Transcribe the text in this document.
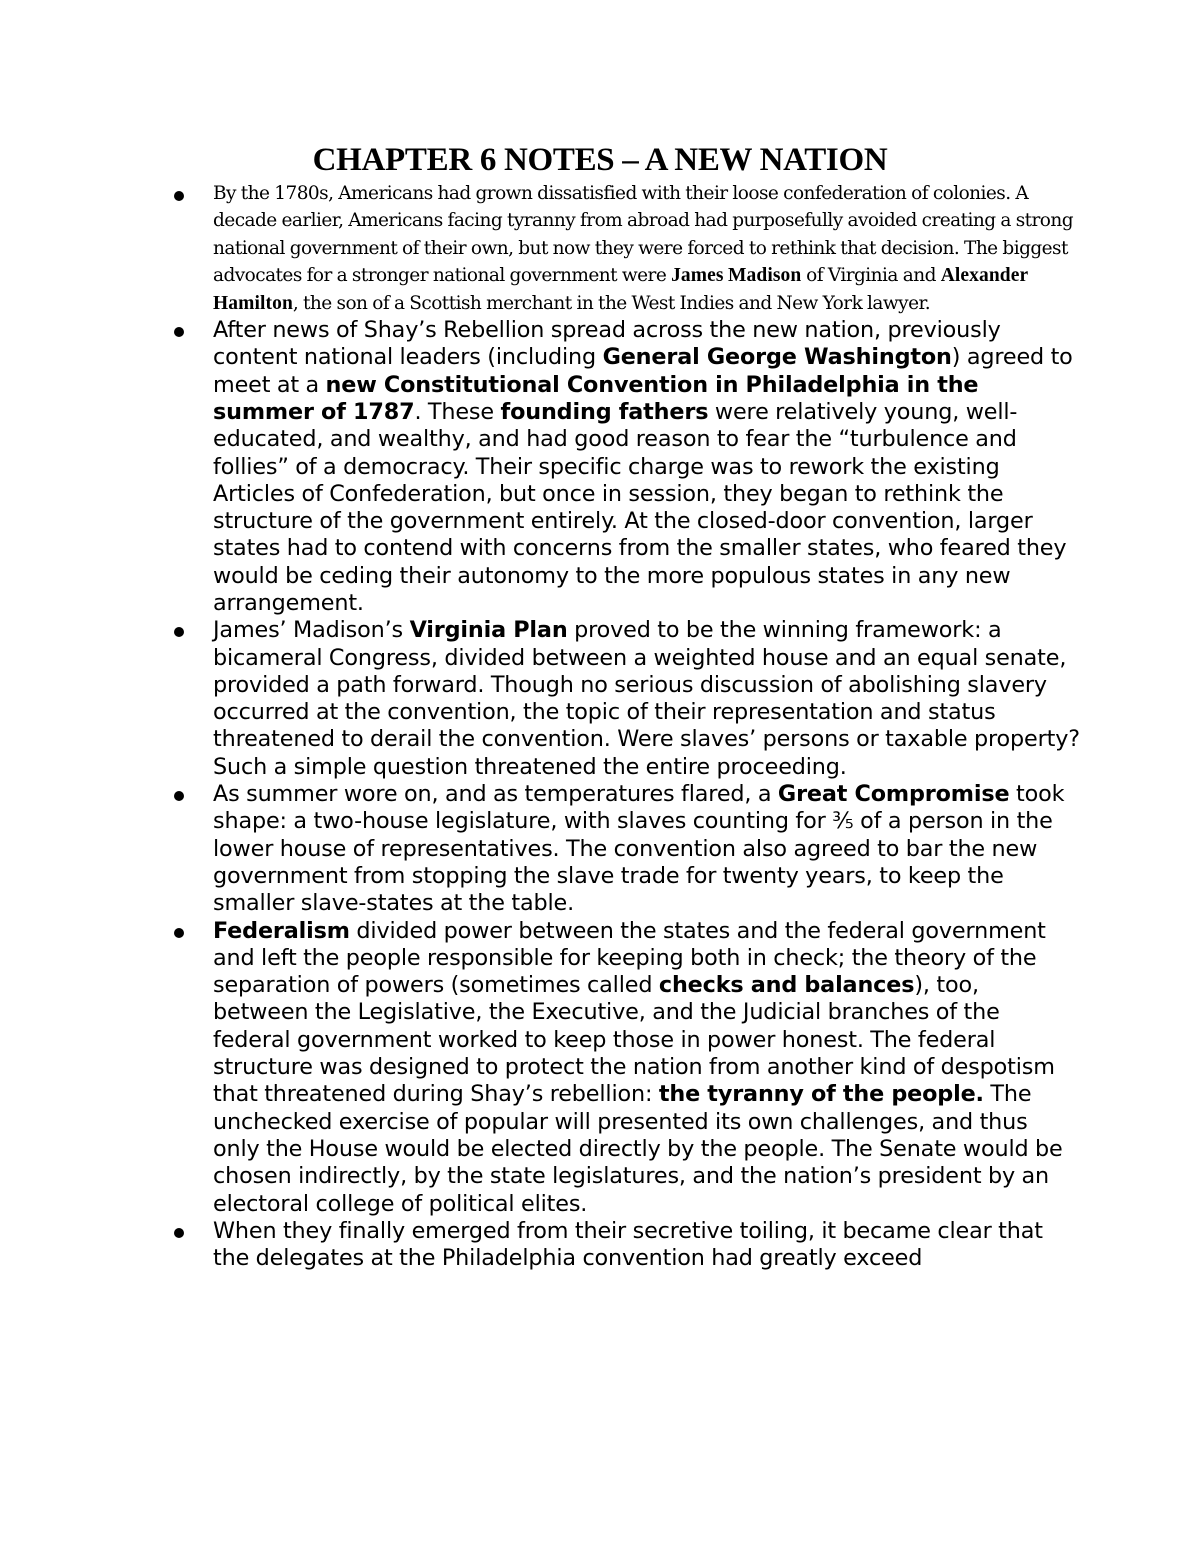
CHAPTER 6 NOTES – A NEW NATION
By the 1780s, Americans had grown dissatisfied with their loose confederation of colonies. A decade earlier, Americans facing tyranny from abroad had purposefully avoided creating a strong national government of their own, but now they were forced to rethink that decision. The biggest advocates for a stronger national government were James Madison of Virginia and Alexander Hamilton, the son of a Scottish merchant in the West Indies and New York lawyer.
After news of Shay’s Rebellion spread across the new nation, previously content national leaders (including General George Washington) agreed to meet at a new Constitutional Convention in Philadelphia in the summer of 1787. These founding fathers were relatively young, well-educated, and wealthy, and had good reason to fear the “turbulence and follies” of a democracy. Their specific charge was to rework the existing Articles of Confederation, but once in session, they began to rethink the structure of the government entirely. At the closed-door convention, larger states had to contend with concerns from the smaller states, who feared they would be ceding their autonomy to the more populous states in any new arrangement.
James’ Madison’s Virginia Plan proved to be the winning framework: a bicameral Congress, divided between a weighted house and an equal senate, provided a path forward. Though no serious discussion of abolishing slavery occurred at the convention, the topic of their representation and status threatened to derail the convention. Were slaves’ persons or taxable property? Such a simple question threatened the entire proceeding.
As summer wore on, and as temperatures flared, a Great Compromise took shape: a two-house legislature, with slaves counting for ⅗ of a person in the lower house of representatives. The convention also agreed to bar the new government from stopping the slave trade for twenty years, to keep the smaller slave-states at the table.
Federalism divided power between the states and the federal government and left the people responsible for keeping both in check; the theory of the separation of powers (sometimes called checks and balances), too, between the Legislative, the Executive, and the Judicial branches of the federal government worked to keep those in power honest. The federal structure was designed to protect the nation from another kind of despotism that threatened during Shay’s rebellion: the tyranny of the people. The unchecked exercise of popular will presented its own challenges, and thus only the House would be elected directly by the people. The Senate would be chosen indirectly, by the state legislatures, and the nation’s president by an electoral college of political elites.
When they finally emerged from their secretive toiling, it became clear that the delegates at the Philadelphia convention had greatly exceed
